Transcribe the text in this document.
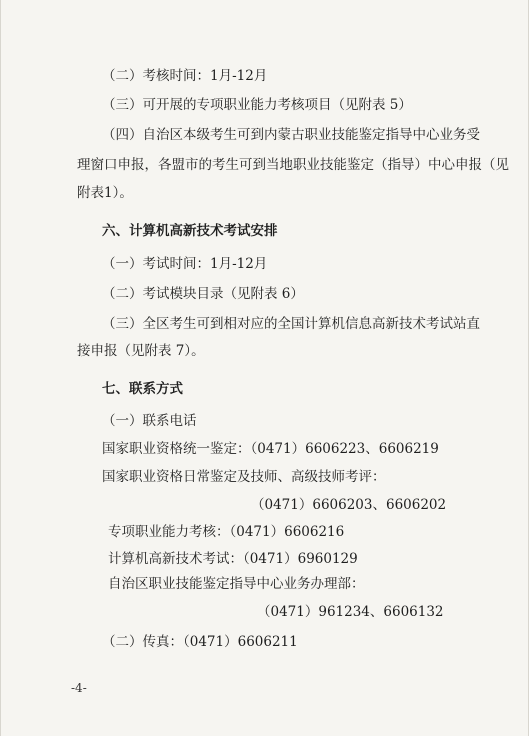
（二）考核时间：1月-12月
（三）可开展的专项职业能力考核项目（见附表 5）
（四）自治区本级考生可到内蒙古职业技能鉴定指导中心业务受
理窗口申报，各盟市的考生可到当地职业技能鉴定（指导）中心申报（见
附表1）。
六、计算机高新技术考试安排
（一）考试时间：1月-12月
（二）考试模块目录（见附表 6）
（三）全区考生可到相对应的全国计算机信息高新技术考试站直
接申报（见附表 7）。
七、联系方式
（一）联系电话
国家职业资格统一鉴定：（0471）6606223、6606219
国家职业资格日常鉴定及技师、高级技师考评：
（0471）6606203、6606202
专项职业能力考核：（0471）6606216
计算机高新技术考试：（0471）6960129
自治区职业技能鉴定指导中心业务办理部：
（0471）961234、6606132
（二）传真：（0471）6606211
-4-
